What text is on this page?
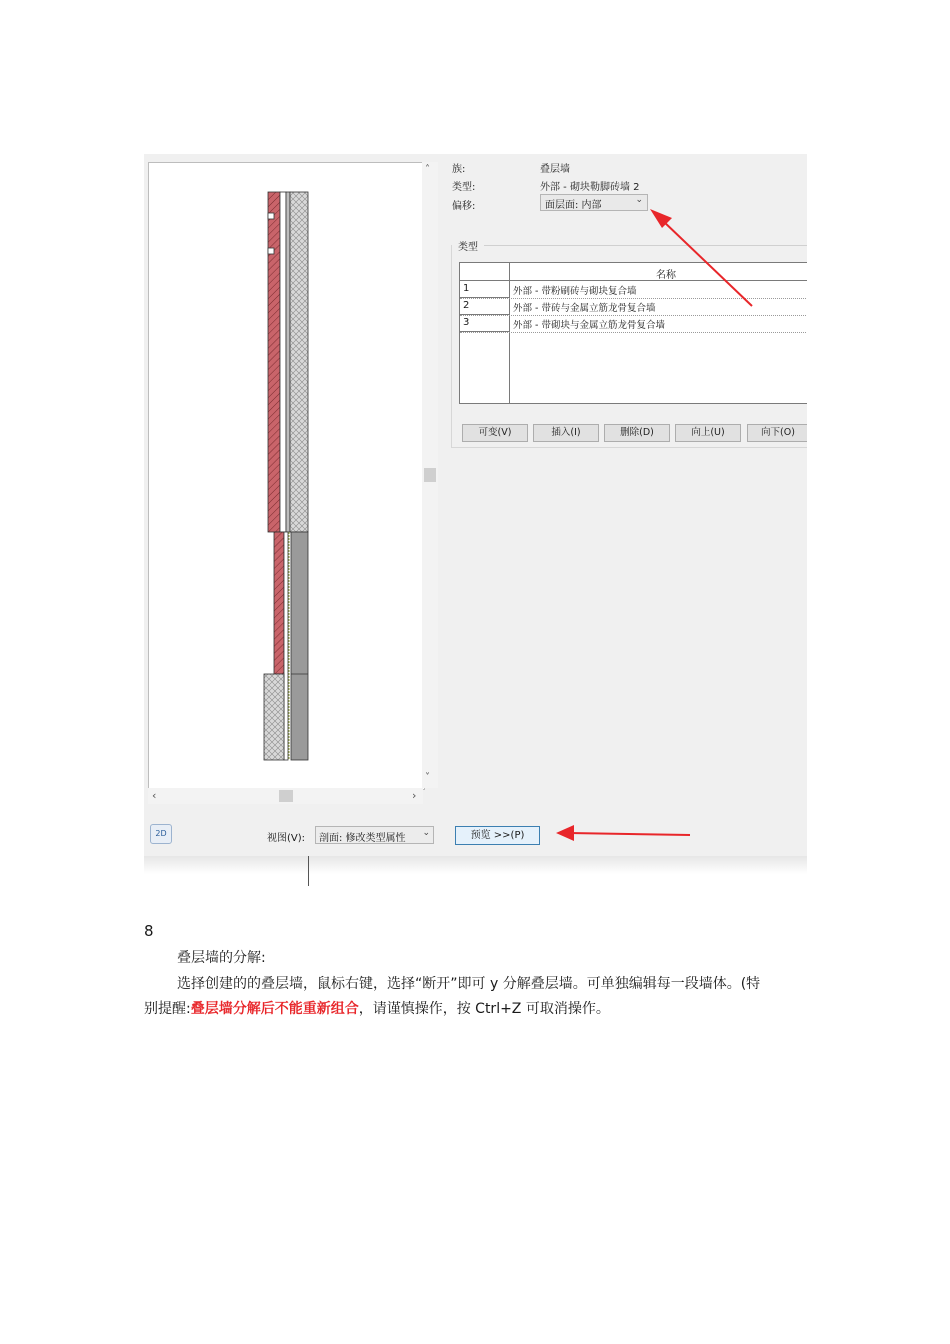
˄
˅
‹	›
族:	叠层墙
类型:	外部 - 砌块勒脚砖墙 2
偏移:	面层面: 内部	⌄
类型
名称
1	外部 - 带粉刷砖与砌块复合墙
2	外部 - 带砖与金属立筋龙骨复合墙
3	外部 - 带砌块与金属立筋龙骨复合墙
可变(V)	插入(I)	删除(D)	向上(U)	向下(O)
2D	视图(V): 剖面: 修改类型属性 ⌄	预览 >>(P)
8
叠层墙的分解:
选择创建的的叠层墙，鼠标右键，选择“断开”即可 y 分解叠层墙。可单独编辑每一段墙体。(特
别提醒:叠层墙分解后不能重新组合，请谨慎操作，按 Ctrl+Z 可取消操作。
